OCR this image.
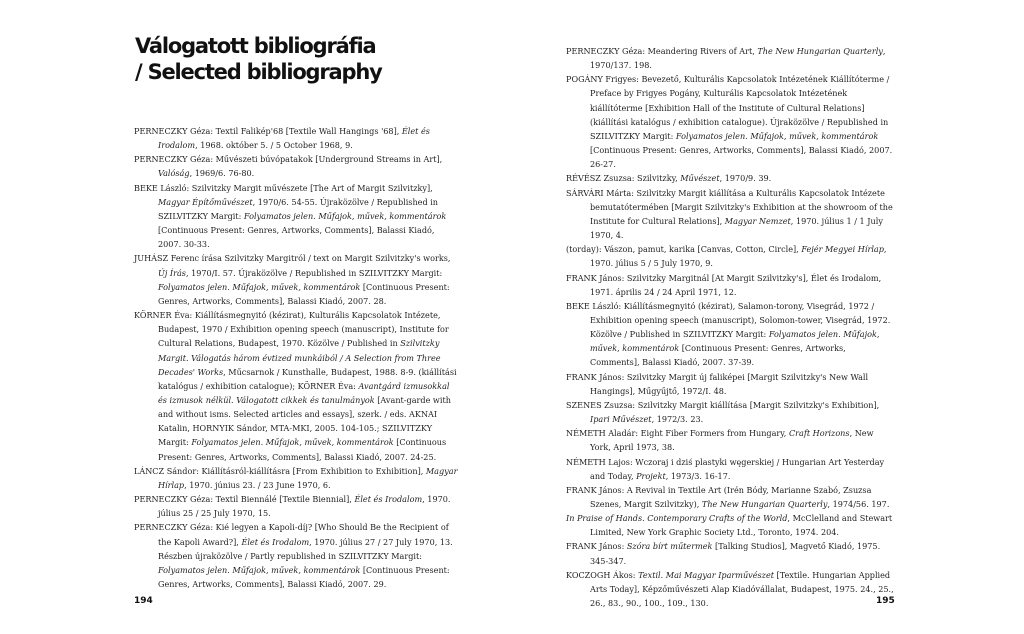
Válogatott bibliográfia
/ Selected bibliography

PERNECZKY Géza: Textil Falikép'68 [Textile Wall Hangings '68], Élet és Irodalom, 1968. október 5. / 5 October 1968, 9.

PERNECZKY Géza: Művészeti búvópatakok [Underground Streams in Art], Valóság, 1969/6. 76-80.

BEKE László: Szilvitzky Margit művészete [The Art of Margit Szilvitzky], Magyar Építőművészet, 1970/6. 54-55. Újraközölve / Republished in SZILVITZKY Margit: Folyamatos jelen. Műfajok, művek, kommentárok [Continuous Present: Genres, Artworks, Comments], Balassi Kiadó, 2007. 30-33.

JUHÁSZ Ferenc írása Szilvitzky Margitról / text on Margit Szilvitzky's works, Új Írás, 1970/I. 57. Újraközölve / Republished in SZILVITZKY Margit: Folyamatos jelen. Műfajok, művek, kommentárok [Continuous Present: Genres, Artworks, Comments], Balassi Kiadó, 2007. 28.

KÖRNER Éva: Kiállításmegnyitó (kézirat), Kulturális Kapcsolatok Intézete, Budapest, 1970 / Exhibition opening speech (manuscript), Institute for Cultural Relations, Budapest, 1970. Közölve / Published in Szilvitzky Margit. Válogatás három évtized munkáiból / A Selection from Three Decades' Works, Műcsarnok / Kunsthalle, Budapest, 1988. 8-9. (kiállítási katalógus / exhibition catalogue); KÖRNER Éva: Avantgárd izmusokkal és izmusok nélkül. Válogatott cikkek és tanulmányok [Avant-garde with and without isms. Selected articles and essays], szerk. / eds. AKNAI Katalin, HORNYIK Sándor, MTA-MKI, 2005. 104-105.; SZILVITZKY Margit: Folyamatos jelen. Műfajok, művek, kommentárok [Continuous Present: Genres, Artworks, Comments], Balassi Kiadó, 2007. 24-25.

LÁNCZ Sándor: Kiállításról-kiállításra [From Exhibition to Exhibition], Magyar Hírlap, 1970. június 23. / 23 June 1970, 6.

PERNECZKY Géza: Textil Biennálé [Textile Biennial], Élet és Irodalom, 1970. július 25 / 25 July 1970, 15.

PERNECZKY Géza: Kié legyen a Kapoli-díj? [Who Should Be the Recipient of the Kapoli Award?], Élet és Irodalom, 1970. július 27 / 27 July 1970, 13. Részben újraközölve / Partly republished in SZILVITZKY Margit: Folyamatos jelen. Műfajok, művek, kommentárok [Continuous Present: Genres, Artworks, Comments], Balassi Kiadó, 2007. 29.

PERNECZKY Géza: Meandering Rivers of Art, The New Hungarian Quarterly, 1970/137. 198.

POGÁNY Frigyes: Bevezető, Kulturális Kapcsolatok Intézetének Kiállítóterme / Preface by Frigyes Pogány, Kulturális Kapcsolatok Intézetének kiállítóterme [Exhibition Hall of the Institute of Cultural Relations] (kiállítási katalógus / exhibition catalogue). Újraközölve / Republished in SZILVITZKY Margit: Folyamatos jelen. Műfajok, művek, kommentárok [Continuous Present: Genres, Artworks, Comments], Balassi Kiadó, 2007. 26-27.

RÉVÉSZ Zsuzsa: Szilvitzky, Művészet, 1970/9. 39.

SÁRVÁRI Márta: Szilvitzky Margit kiállítása a Kulturális Kapcsolatok Intézete bemutatótermében [Margit Szilvitzky's Exhibition at the showroom of the Institute for Cultural Relations], Magyar Nemzet, 1970. július 1 / 1 July 1970, 4.

(torday): Vászon, pamut, karika [Canvas, Cotton, Circle], Fejér Megyei Hírlap, 1970. július 5 / 5 July 1970, 9.

FRANK János: Szilvitzky Margitnál [At Margit Szilvitzky's], Élet és Irodalom, 1971. április 24 / 24 April 1971, 12.

BEKE László: Kiállításmegnyitó (kézirat), Salamon-torony, Visegrád, 1972 / Exhibition opening speech (manuscript), Solomon-tower, Visegrád, 1972. Közölve / Published in SZILVITZKY Margit: Folyamatos jelen. Műfajok, művek, kommentárok [Continuous Present: Genres, Artworks, Comments], Balassi Kiadó, 2007. 37-39.

FRANK János: Szilvitzky Margit új faliképei [Margit Szilvitzky's New Wall Hangings], Műgyűjtő, 1972/I. 48.

SZENES Zsuzsa: Szilvitzky Margit kiállítása [Margit Szilvitzky's Exhibition], Ipari Művészet, 1972/3. 23.

NÉMETH Aladár: Eight Fiber Formers from Hungary, Craft Horizons, New York, April 1973, 38.

NÉMETH Lajos: Wczoraj i dziś plastyki węgerskiej / Hungarian Art Yesterday and Today, Projekt, 1973/3. 16-17.

FRANK János: A Revival in Textile Art (Irén Bódy, Marianne Szabó, Zsuzsa Szenes, Margit Szilvitzky), The New Hungarian Quarterly, 1974/56. 197.

In Praise of Hands. Contemporary Crafts of the World, McClelland and Stewart Limited, New York Graphic Society Ltd., Toronto, 1974. 204.

FRANK János: Szóra bírt műtermek [Talking Studios], Magvető Kiadó, 1975. 345-347.

KOCZOGH Ákos: Textil. Mai Magyar Iparművészet [Textile. Hungarian Applied Arts Today], Képzőművészeti Alap Kiadóvállalat, Budapest, 1975. 24., 25., 26., 83., 90., 100., 109., 130.

194	195
